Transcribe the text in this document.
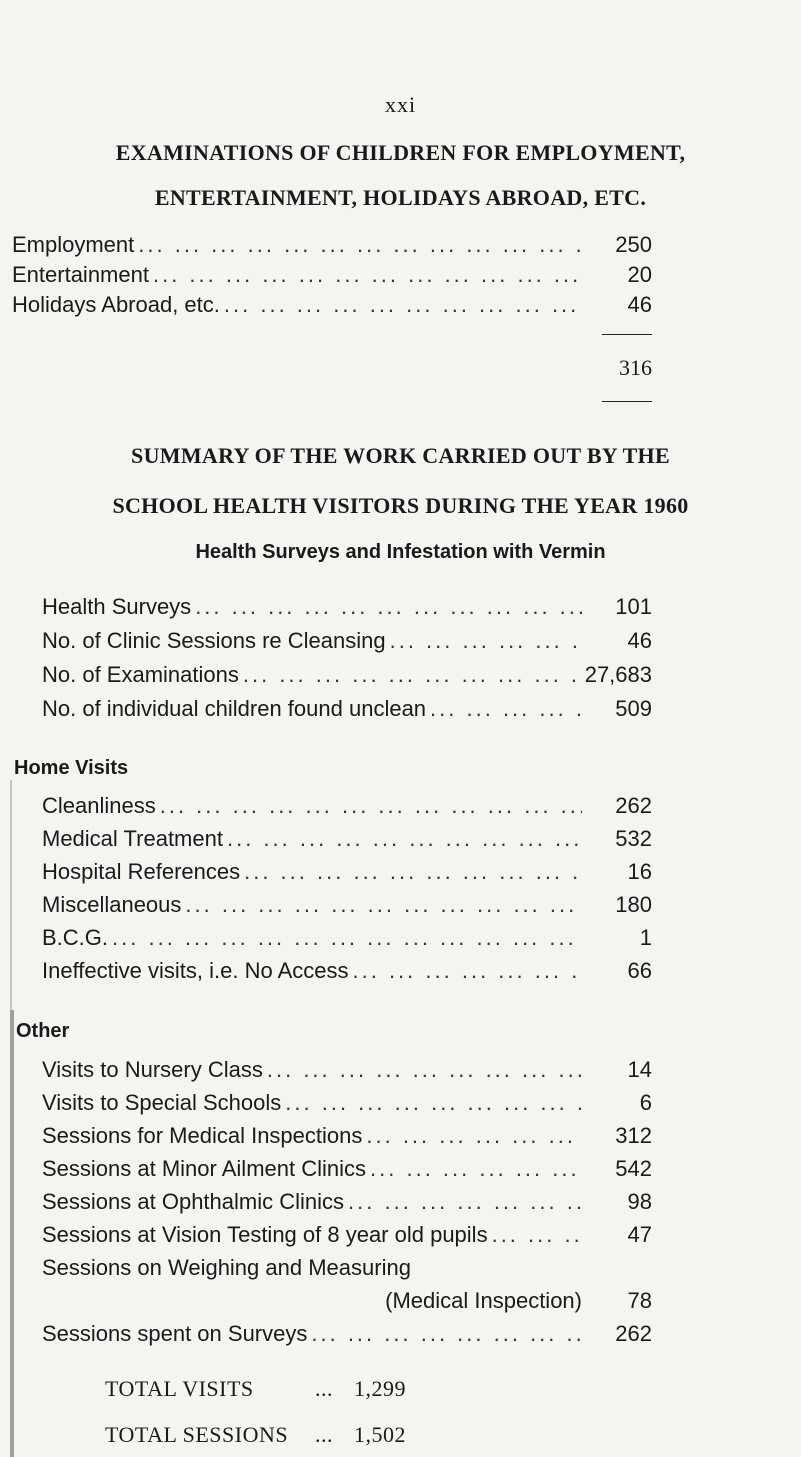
xxi
EXAMINATIONS OF CHILDREN FOR EMPLOYMENT,
ENTERTAINMENT, HOLIDAYS ABROAD, ETC.
Employment ... .	250
Entertainment ... .	20
Holidays Abroad, etc. ... .	46
316
SUMMARY OF THE WORK CARRIED OUT BY THE
SCHOOL HEALTH VISITORS DURING THE YEAR 1960
Health Surveys and Infestation with Vermin
Health Surveys ... .	101
No. of Clinic Sessions re Cleansing ... .	46
No. of Examinations ... .	27,683
No. of individual children found unclean ... .	509
Home Visits
Cleanliness ... .	262
Medical Treatment ... .	532
Hospital References ... .	16
Miscellaneous ... .	180
B.C.G. ... .	1
Ineffective visits, i.e. No Access ... .	66
Other
Visits to Nursery Class ... .	14
Visits to Special Schools ... .	6
Sessions for Medical Inspections ... .	312
Sessions at Minor Ailment Clinics ... .	542
Sessions at Ophthalmic Clinics ... .	98
Sessions at Vision Testing of 8 year old pupils ... .	47
Sessions on Weighing and Measuring
(Medical Inspection)	78
Sessions spent on Surveys ... .	262
TOTAL VISITS	... 1,299
TOTAL SESSIONS ... 1,502
